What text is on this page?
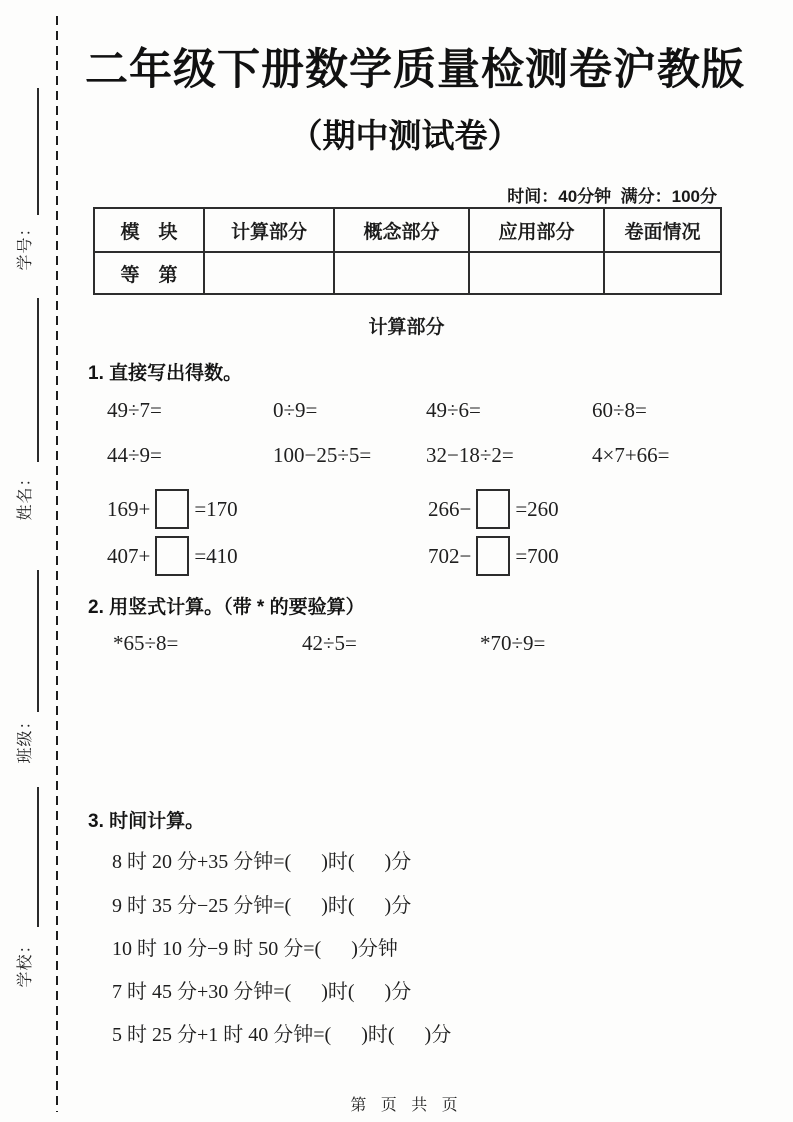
学号：
姓名：
班级：
学校：
二年级下册数学质量检测卷沪教版
（期中测试卷）
时间：40分钟  满分：100分
模　块	计算部分	概念部分	应用部分	卷面情况
等　第				
计算部分
1. 直接写出得数。
49÷7=	0÷9=	49÷6=	60÷8=
44÷9=	100−25÷5=	32−18÷2=	4×7+66=
169+ =170	266− =260
407+ =410	702− =700
2. 用竖式计算。（带 * 的要验算）
*65÷8=	42÷5=	*70÷9=
3. 时间计算。
8 时 20 分+35 分钟=(      )时(      )分
9 时 35 分−25 分钟=(      )时(      )分
10 时 10 分−9 时 50 分=(      )分钟
7 时 45 分+30 分钟=(      )时(      )分
5 时 25 分+1 时 40 分钟=(      )时(      )分
第 页 共 页
